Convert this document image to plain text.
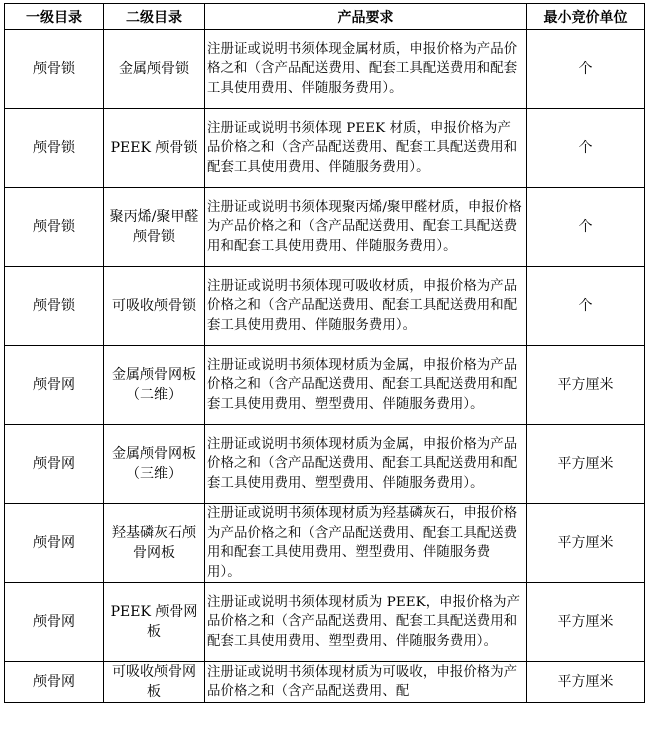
一级目录	二级目录	产品要求	最小竞价单位
颅骨锁	金属颅骨锁	注册证或说明书须体现金属材质，申报价格为产品价格之和（含产品配送费用、配套工具配送费用和配套工具使用费用、伴随服务费用）。	个
颅骨锁	PEEK 颅骨锁	注册证或说明书须体现 PEEK 材质，申报价格为产品价格之和（含产品配送费用、配套工具配送费用和配套工具使用费用、伴随服务费用）。	个
颅骨锁	聚丙烯/聚甲醛颅骨锁	注册证或说明书须体现聚丙烯/聚甲醛材质，申报价格为产品价格之和（含产品配送费用、配套工具配送费用和配套工具使用费用、伴随服务费用）。	个
颅骨锁	可吸收颅骨锁	注册证或说明书须体现可吸收材质，申报价格为产品价格之和（含产品配送费用、配套工具配送费用和配套工具使用费用、伴随服务费用）。	个
颅骨网	金属颅骨网板（二维）	注册证或说明书须体现材质为金属，申报价格为产品价格之和（含产品配送费用、配套工具配送费用和配套工具使用费用、塑型费用、伴随服务费用）。	平方厘米
颅骨网	金属颅骨网板（三维）	注册证或说明书须体现材质为金属，申报价格为产品价格之和（含产品配送费用、配套工具配送费用和配套工具使用费用、塑型费用、伴随服务费用）。	平方厘米
颅骨网	羟基磷灰石颅骨网板	注册证或说明书须体现材质为羟基磷灰石，申报价格为产品价格之和（含产品配送费用、配套工具配送费用和配套工具使用费用、塑型费用、伴随服务费用）。	平方厘米
颅骨网	PEEK 颅骨网板	注册证或说明书须体现材质为 PEEK，申报价格为产品价格之和（含产品配送费用、配套工具配送费用和配套工具使用费用、塑型费用、伴随服务费用）。	平方厘米
颅骨网	可吸收颅骨网板	注册证或说明书须体现材质为可吸收，申报价格为产品价格之和（含产品配送费用、配	平方厘米
